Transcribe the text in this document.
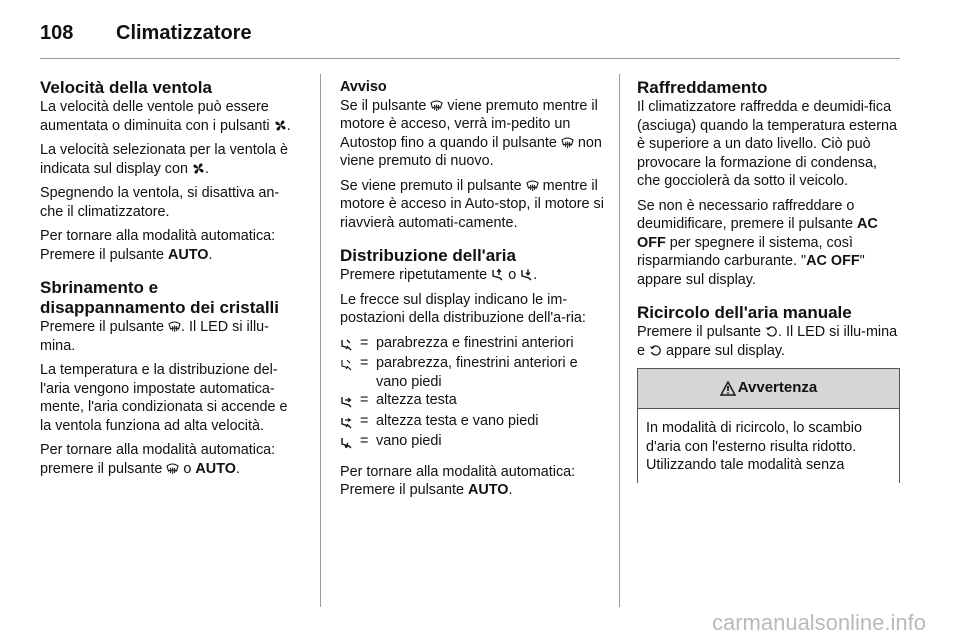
108	Climatizzatore
Velocità della ventola

La velocità delle ventole può essere aumentata o diminuita con i pulsanti .

La velocità selezionata per la ventola è indicata sul display con .

Spegnendo la ventola, si disattiva an-che il climatizzatore.

Per tornare alla modalità automatica: Premere il pulsante AUTO.

Sbrinamento e disappannamento dei cristalli

Premere il pulsante . Il LED si illu-mina.

La temperatura e la distribuzione del-l'aria vengono impostate automatica-mente, l'aria condizionata si accende e la ventola funziona ad alta velocità.

Per tornare alla modalità automatica: premere il pulsante o AUTO.

Avviso

Se il pulsante viene premuto mentre il motore è acceso, verrà im-pedito un Autostop fino a quando il pulsante non viene premuto di nuovo.

Se viene premuto il pulsante mentre il motore è acceso in Auto-stop, il motore si riavvierà automati-camente.

Distribuzione dell'aria

Premere ripetutamente o .

Le frecce sul display indicano le im-postazioni della distribuzione dell'a-ria:

= parabrezza e finestrini anteriori
= parabrezza, finestrini anteriori e vano piedi
= altezza testa
= altezza testa e vano piedi
= vano piedi

Per tornare alla modalità automatica: Premere il pulsante AUTO.

Raffreddamento

Il climatizzatore raffredda e deumidi-fica (asciuga) quando la temperatura esterna è superiore a un dato livello. Ciò può provocare la formazione di condensa, che gocciolerà da sotto il veicolo.

Se non è necessario raffreddare o deumidificare, premere il pulsante AC OFF per spegnere il sistema, così risparmiando carburante. "AC OFF" appare sul display.

Ricircolo dell'aria manuale

Premere il pulsante . Il LED si illu-mina e appare sul display.

Avvertenza
In modalità di ricircolo, lo scambio d'aria con l'esterno risulta ridotto. Utilizzando tale modalità senza
carmanualsonline.info
